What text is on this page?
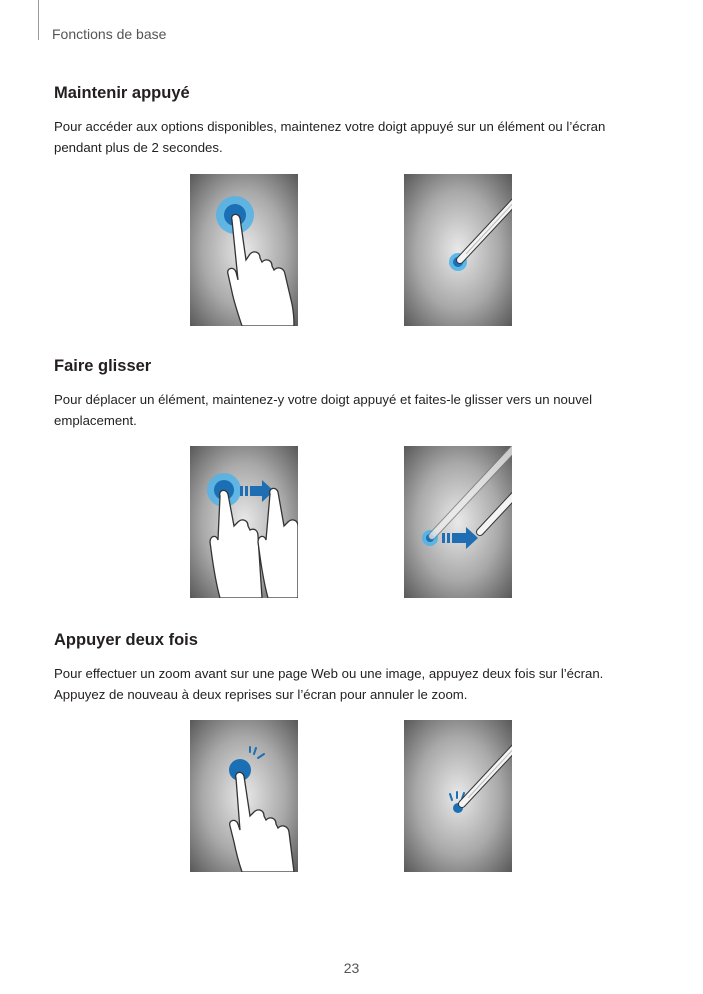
Fonctions de base
Maintenir appuyé
Pour accéder aux options disponibles, maintenez votre doigt appuyé sur un élément ou l’écran pendant plus de 2 secondes.
Faire glisser
Pour déplacer un élément, maintenez-y votre doigt appuyé et faites-le glisser vers un nouvel emplacement.
Appuyer deux fois
Pour effectuer un zoom avant sur une page Web ou une image, appuyez deux fois sur l’écran. Appuyez de nouveau à deux reprises sur l’écran pour annuler le zoom.
23
